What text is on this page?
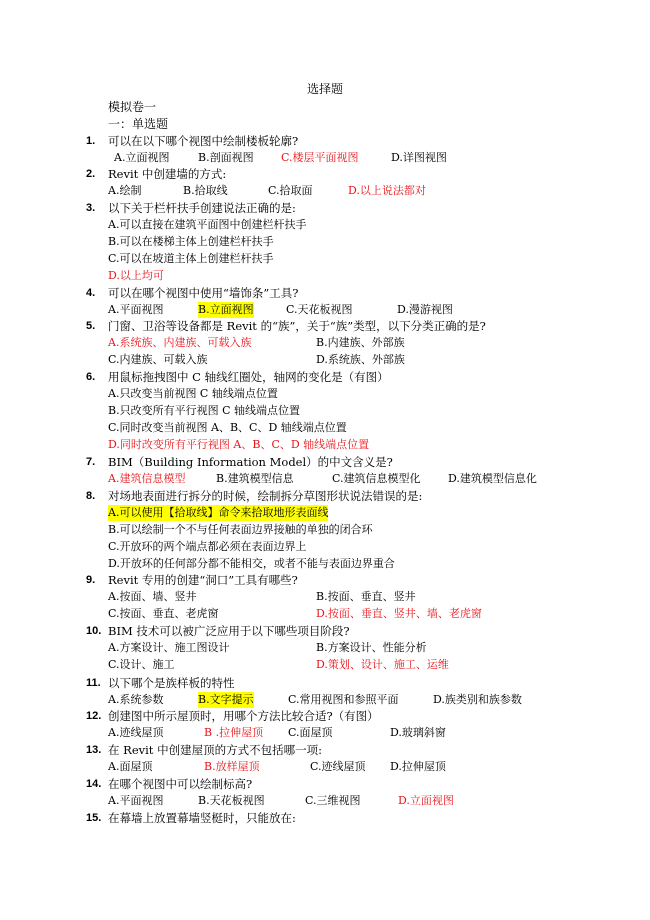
选择题
模拟卷一
一：单选题
1. 可以在以下哪个视图中绘制楼板轮廓?
A.立面视图	B.剖面视图 C.楼层平面视图	D.详图视图
2. Revit 中创建墙的方式:
A.绘制	B.拾取线	C.拾取面	D.以上说法都对
3. 以下关于栏杆扶手创建说法正确的是:
A.可以直接在建筑平面图中创建栏杆扶手
B.可以在楼梯主体上创建栏杆扶手
C.可以在坡道主体上创建栏杆扶手
D.以上均可
4. 可以在哪个视图中使用“墙饰条”工具?
A.平面视图	B.立面视图	C.天花板视图	D.漫游视图
5. 门窗、卫浴等设备都是 Revit 的“族”，关于“族”类型，以下分类正确的是?
A.系统族、内建族、可载入族	B.内建族、外部族
C.内建族、可载入族	D.系统族、外部族
6. 用鼠标拖拽图中 C 轴线红圈处，轴网的变化是（有图）
A.只改变当前视图 C 轴线端点位置
B.只改变所有平行视图 C 轴线端点位置
C.同时改变当前视图 A、B、C、D 轴线端点位置
D.同时改变所有平行视图 A、B、C、D 轴线端点位置
7. BIM（Building Information Model）的中文含义是?
A.建筑信息模型	B.建筑模型信息	C.建筑信息模型化 D.建筑模型信息化
8. 对场地表面进行拆分的时候，绘制拆分草图形状说法错误的是:
A.可以使用【拾取线】命令来拾取地形表面线
B.可以绘制一个不与任何表面边界接触的单独的闭合环
C.开放环的两个端点都必须在表面边界上
D.开放环的任何部分都不能相交，或者不能与表面边界重合
9. Revit 专用的创建“洞口”工具有哪些?
A.按面、墙、竖井	B.按面、垂直、竖井
C.按面、垂直、老虎窗	D.按面、垂直、竖井、墙、老虎窗
10. BIM 技术可以被广泛应用于以下哪些项目阶段?
A.方案设计、施工图设计	B.方案设计、性能分析
C.设计、施工	D.策划、设计、施工、运维
11. 以下哪个是族样板的特性
A.系统参数	B.文字提示	C.常用视图和参照平面	D.族类别和族参数
12. 创建图中所示屋顶时，用哪个方法比较合适?（有图）
A.迹线屋顶	B .拉伸屋顶 C.面屋顶	D.玻璃斜窗
13. 在 Revit 中创建屋顶的方式不包括哪一项:
A.面屋顶	B.放样屋顶	C.迹线屋顶 D.拉伸屋顶
14. 在哪个视图中可以绘制标高?
A.平面视图	B.天花板视图	C.三维视图	D.立面视图
15. 在幕墙上放置幕墙竖梃时，只能放在:
